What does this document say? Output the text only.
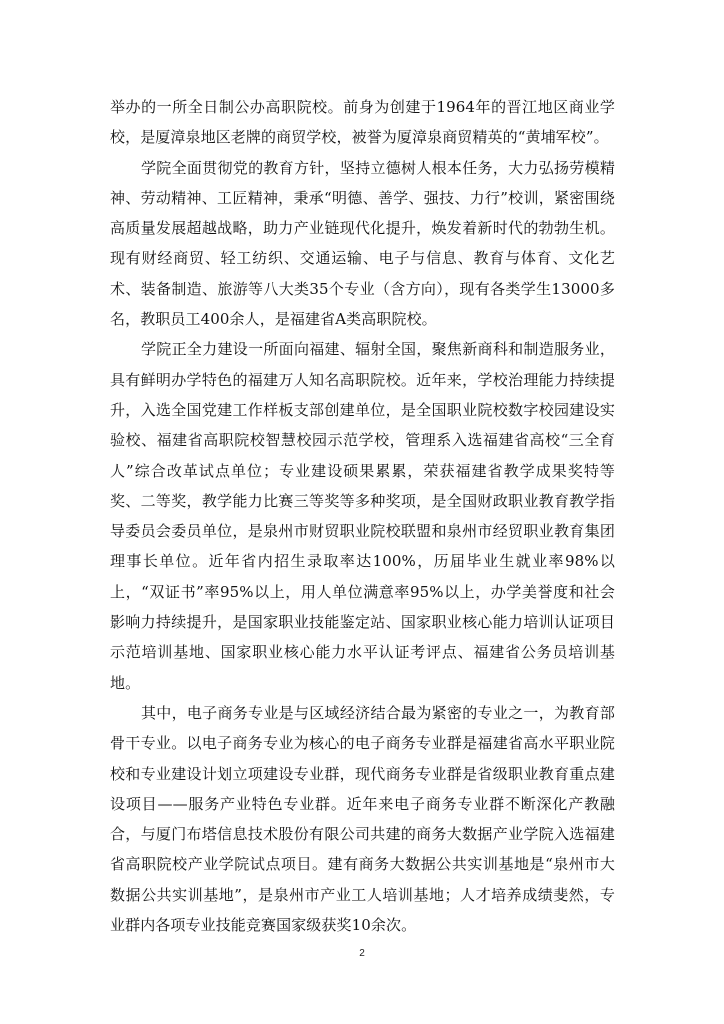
举办的一所全日制公办高职院校。前身为创建于1964年的晋江地区商业学校，是厦漳泉地区老牌的商贸学校，被誉为厦漳泉商贸精英的“黄埔军校”。

学院全面贯彻党的教育方针，坚持立德树人根本任务，大力弘扬劳模精神、劳动精神、工匠精神，秉承“明德、善学、强技、力行”校训，紧密围绕高质量发展超越战略，助力产业链现代化提升，焕发着新时代的勃勃生机。现有财经商贸、轻工纺织、交通运输、电子与信息、教育与体育、文化艺术、装备制造、旅游等八大类35个专业（含方向），现有各类学生13000多名，教职员工400余人，是福建省A类高职院校。

学院正全力建设一所面向福建、辐射全国，聚焦新商科和制造服务业，具有鲜明办学特色的福建万人知名高职院校。近年来，学校治理能力持续提升，入选全国党建工作样板支部创建单位，是全国职业院校数字校园建设实验校、福建省高职院校智慧校园示范学校，管理系入选福建省高校“三全育人”综合改革试点单位；专业建设硕果累累，荣获福建省教学成果奖特等奖、二等奖，教学能力比赛三等奖等多种奖项，是全国财政职业教育教学指导委员会委员单位，是泉州市财贸职业院校联盟和泉州市经贸职业教育集团理事长单位。近年省内招生录取率达100%，历届毕业生就业率98%以上，“双证书”率95%以上，用人单位满意率95%以上，办学美誉度和社会影响力持续提升，是国家职业技能鉴定站、国家职业核心能力培训认证项目示范培训基地、国家职业核心能力水平认证考评点、福建省公务员培训基地。

其中，电子商务专业是与区域经济结合最为紧密的专业之一，为教育部骨干专业。以电子商务专业为核心的电子商务专业群是福建省高水平职业院校和专业建设计划立项建设专业群，现代商务专业群是省级职业教育重点建设项目——服务产业特色专业群。近年来电子商务专业群不断深化产教融合，与厦门布塔信息技术股份有限公司共建的商务大数据产业学院入选福建省高职院校产业学院试点项目。建有商务大数据公共实训基地是“泉州市大数据公共实训基地”，是泉州市产业工人培训基地；人才培养成绩斐然，专业群内各项专业技能竞赛国家级获奖10余次。

2
